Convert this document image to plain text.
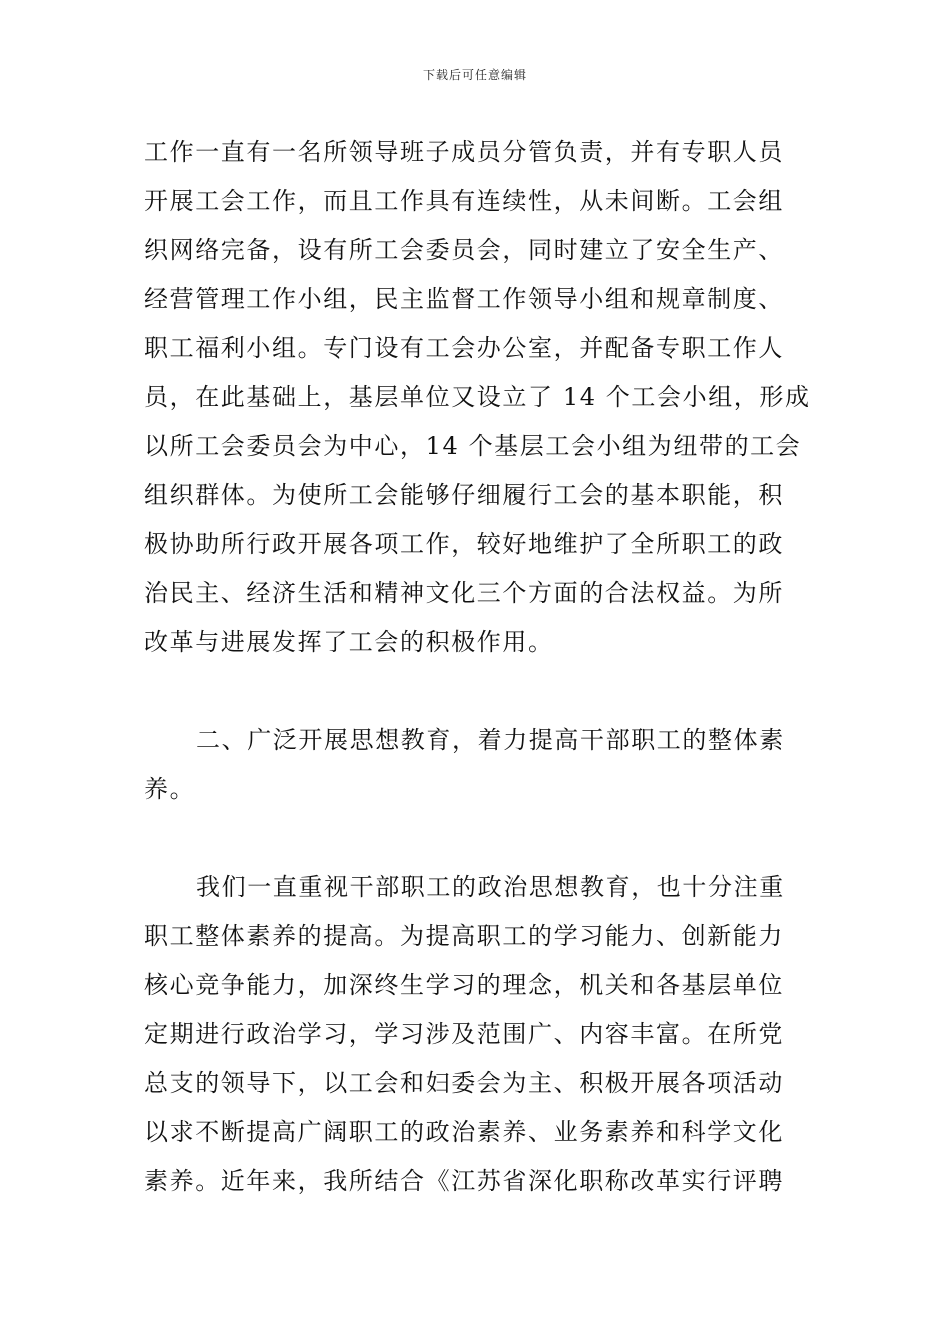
下载后可任意编辑
工作一直有一名所领导班子成员分管负责，并有专职人员
开展工会工作，而且工作具有连续性，从未间断。工会组
织网络完备，设有所工会委员会，同时建立了安全生产、
经营管理工作小组，民主监督工作领导小组和规章制度、
职工福利小组。专门设有工会办公室，并配备专职工作人
员，在此基础上，基层单位又设立了 14 个工会小组，形成
以所工会委员会为中心，14 个基层工会小组为纽带的工会
组织群体。为使所工会能够仔细履行工会的基本职能，积
极协助所行政开展各项工作，较好地维护了全所职工的政
治民主、经济生活和精神文化三个方面的合法权益。为所
改革与进展发挥了工会的积极作用。
二、广泛开展思想教育，着力提高干部职工的整体素
养。
我们一直重视干部职工的政治思想教育，也十分注重
职工整体素养的提高。为提高职工的学习能力、创新能力
核心竞争能力，加深终生学习的理念，机关和各基层单位
定期进行政治学习，学习涉及范围广、内容丰富。在所党
总支的领导下，以工会和妇委会为主、积极开展各项活动
以求不断提高广阔职工的政治素养、业务素养和科学文化
素养。近年来，我所结合《江苏省深化职称改革实行评聘
